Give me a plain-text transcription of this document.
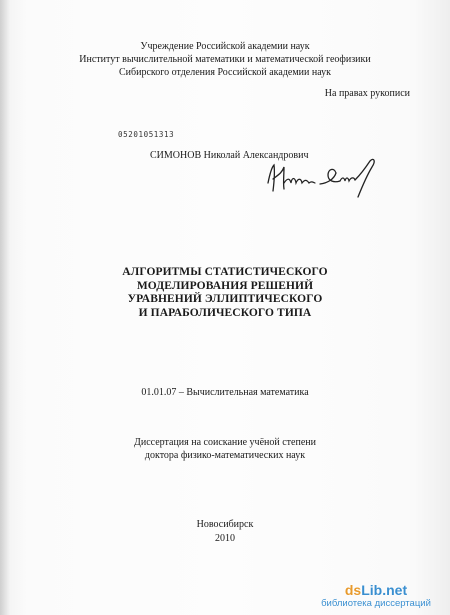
Учреждение Российской академии наук
Институт вычислительной математики и математической геофизики
Сибирского отделения Российской академии наук
На правах рукописи
05201051313
СИМОНОВ Николай Александрович
АЛГОРИТМЫ СТАТИСТИЧЕСКОГО
МОДЕЛИРОВАНИЯ РЕШЕНИЙ
УРАВНЕНИЙ ЭЛЛИПТИЧЕСКОГО
И ПАРАБОЛИЧЕСКОГО ТИПА
01.01.07 – Вычислительная математика
Диссертация на соискание учёной степени
доктора физико-математических наук
Новосибирск
2010
dsLib.net
библиотека диссертаций
